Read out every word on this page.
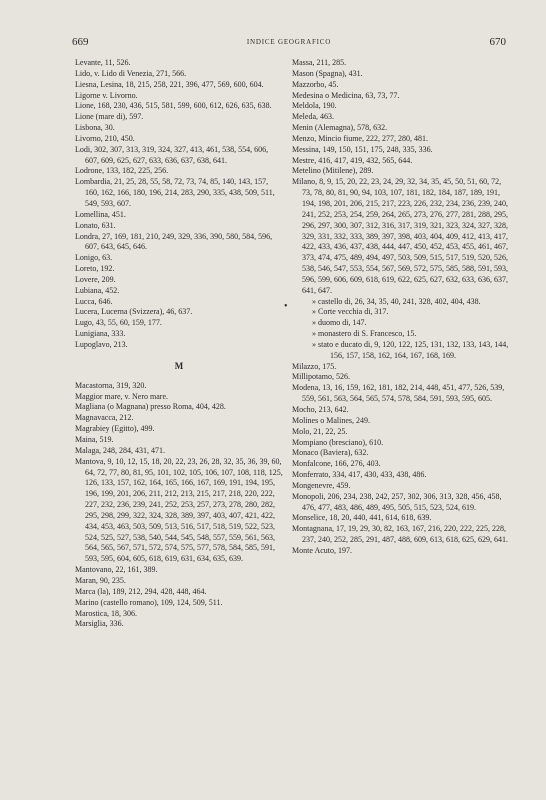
669	INDICE GEOGRAFICO	670
Levante, 11, 526.
Lido, v. Lido di Venezia, 271, 566.
Liesna, Lesina, 18, 215, 258, 221, 396, 477, 569, 600, 604.
Ligorne v. Livorno.
Lione, 168, 230, 436, 515, 581, 599, 600, 612, 626, 635, 638.
Lione (mare di), 597.
Lisbona, 30.
Livorno, 210, 450.
Lodi, 302, 307, 313, 319, 324, 327, 413, 461, 538, 554, 606, 607, 609, 625, 627, 633, 636, 637, 638, 641.
Lodrone, 133, 182, 225, 256.
Lombardia, 21, 25, 28, 55, 58, 72, 73, 74, 85, 140, 143, 157, 160, 162, 166, 180, 196, 214, 283, 290, 335, 438, 509, 511, 549, 593, 607.
Lomellina, 451.
Lonato, 631.
Londra, 27, 169, 181, 210, 249, 329, 336, 390, 580, 584, 596, 607, 643, 645, 646.
Lonigo, 63.
Loreto, 192.
Lovere, 209.
Lubiana, 452.
Lucca, 646.
Lucera, Lucerna (Svizzera), 46, 637.
Lugo, 43, 55, 60, 159, 177.
Lunigiana, 333.
Lupoglavo, 213.
M
Macastorna, 319, 320.
Maggior mare, v. Nero mare.
Magliana (o Magnana) presso Roma, 404, 428.
Magnavacca, 212.
Magrabiey (Egitto), 499.
Maina, 519.
Malaga, 248, 284, 431, 471.
Mantova, 9, 10, 12, 15, 18, 20, 22, 23, 26, 28, 32, 35, 36, 39, 60, 64, 72, 77, 80, 81, 95, 101, 102, 105, 106, 107, 108, 118, 125, 126, 133, 157, 162, 164, 165, 166, 167, 169, 191, 194, 195, 196, 199, 201, 206, 211, 212, 213, 215, 217, 218, 220, 222, 227, 232, 236, 239, 241, 252, 253, 257, 273, 278, 280, 282, 295, 298, 299, 322, 324, 328, 389, 397, 403, 407, 421, 422, 434, 453, 463, 503, 509, 513, 516, 517, 518, 519, 522, 523, 524, 525, 527, 538, 540, 544, 545, 548, 557, 559, 561, 563, 564, 565, 567, 571, 572, 574, 575, 577, 578, 584, 585, 591, 593, 595, 604, 605, 618, 619, 631, 634, 635, 639.
Mantovano, 22, 161, 389.
Maran, 90, 235.
Marca (la), 189, 212, 294, 428, 448, 464.
Marino (castello romano), 109, 124, 509, 511.
Marostica, 18, 306.
Marsiglia, 336.
Massa, 211, 285.
Mason (Spagna), 431.
Mazzorbo, 45.
Medesina o Medicina, 63, 73, 77.
Meldola, 190.
Meleda, 463.
Menin (Alemagna), 578, 632.
Menzo, Mincio fiume, 222, 277, 280, 481.
Messina, 149, 150, 151, 175, 248, 335, 336.
Mestre, 416, 417, 419, 432, 565, 644.
Metelino (Mitilene), 289.
Milano, 8, 9, 15, 20, 22, 23, 24, 29, 32, 34, 35, 45, 50, 51, 60, 72, 73, 78, 80, 81, 90, 94, 103, 107, 181, 182, 184, 187, 189, 191, 194, 198, 201, 206, 215, 217, 223, 226, 232, 234, 236, 239, 240, 241, 252, 253, 254, 259, 264, 265, 273, 276, 277, 281, 288, 295, 296, 297, 300, 307, 312, 316, 317, 319, 321, 323, 324, 327, 328, 329, 331, 332, 333, 389, 397, 398, 403, 404, 409, 412, 413, 417, 422, 433, 436, 437, 438, 444, 447, 450, 452, 453, 455, 461, 467, 373, 474, 475, 489, 494, 497, 503, 509, 515, 517, 519, 520, 526, 538, 546, 547, 553, 554, 567, 569, 572, 575, 585, 588, 591, 593, 596, 599, 606, 609, 618, 619, 622, 625, 627, 632, 633, 636, 637, 641, 647.
» castello di, 26, 34, 35, 40, 241, 328, 402, 404, 438.
» Corte vecchia di, 317.
» duomo di, 147.
» monastero di S. Francesco, 15.
» stato e ducato di, 9, 120, 122, 125, 131, 132, 133, 143, 144, 156, 157, 158, 162, 164, 167, 168, 169.
Milazzo, 175.
Millipotamo, 526.
Modena, 13, 16, 159, 162, 181, 182, 214, 448, 451, 477, 526, 539, 559, 561, 563, 564, 565, 574, 578, 584, 591, 593, 595, 605.
Mocho, 213, 642.
Molines o Malines, 249.
Molo, 21, 22, 25.
Mompiano (bresciano), 610.
Monaco (Baviera), 632.
Monfalcone, 166, 276, 403.
Monferrato, 334, 417, 430, 433, 438, 486.
Mongenevre, 459.
Monopoli, 206, 234, 238, 242, 257, 302, 306, 313, 328, 456, 458, 476, 477, 483, 486, 489, 495, 505, 515, 523, 524, 619.
Monselice, 18, 20, 440, 441, 614, 618, 639.
Montagnana, 17, 19, 29, 30, 82, 163, 167, 216, 220, 222, 225, 228, 237, 240, 252, 285, 291, 487, 488, 609, 613, 618, 625, 629, 641.
Monte Acuto, 197.
•
